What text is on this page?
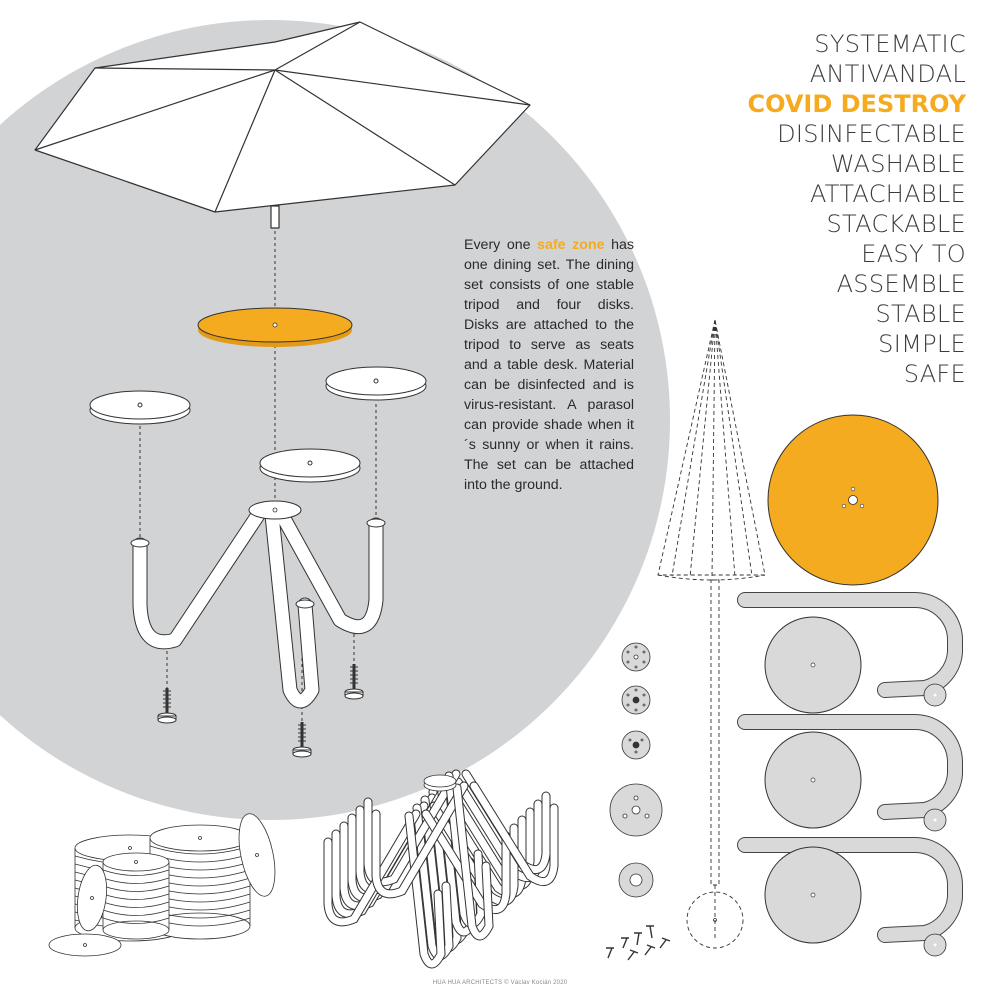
SYSTEMATIC
ANTIVANDAL
COVID DESTROY
DISINFECTABLE
WASHABLE
ATTACHABLE
STACKABLE
EASY TO
ASSEMBLE
STABLE
SIMPLE
SAFE
Every one safe zone has one dining set. The dining set consists of one stable tripod and four disks. Disks are attached to the tripod to serve as seats and a table desk. Material can be disinfected and is virus-resistant. A parasol can provide shade when it´s sunny or when it rains. The set can be attached into the ground.
HUA HUA ARCHITECTS © Václav Kocián 2020
